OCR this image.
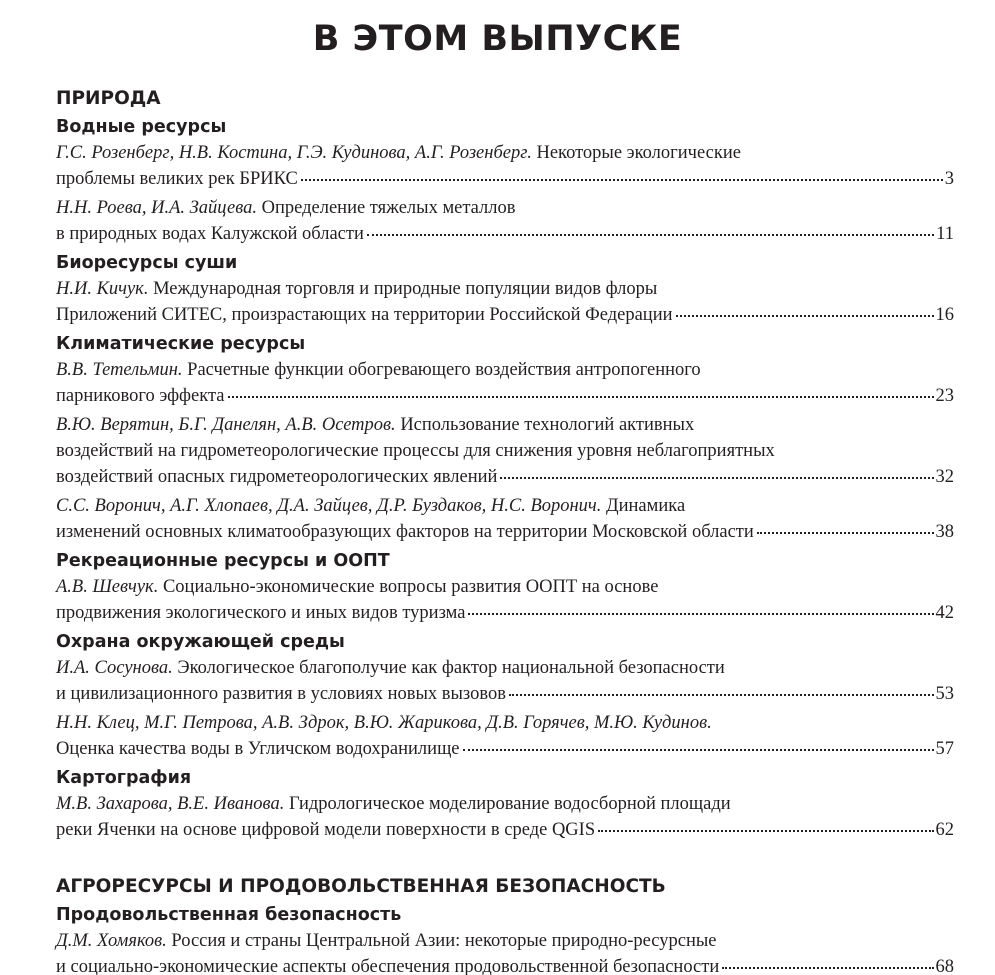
В ЭТОМ ВЫПУСКЕ
ПРИРОДА
Водные ресурсы
Г.С. Розенберг, Н.В. Костина, Г.Э. Кудинова, А.Г. Розенберг. Некоторые экологические
проблемы великих рек БРИКС	3
Н.Н. Роева, И.А. Зайцева. Определение тяжелых металлов
в природных водах Калужской области	11
Биоресурсы суши
Н.И. Кичук. Международная торговля и природные популяции видов флоры
Приложений СИТЕС, произрастающих на территории Российской Федерации	16
Климатические ресурсы
В.В. Тетельмин. Расчетные функции обогревающего воздействия антропогенного
парникового эффекта	23
В.Ю. Верятин, Б.Г. Данелян, А.В. Осетров. Использование технологий активных
воздействий на гидрометеорологические процессы для снижения уровня неблагоприятных
воздействий опасных гидрометеорологических явлений	32
С.С. Воронич, А.Г. Хлопаев, Д.А. Зайцев, Д.Р. Буздаков, Н.С. Воронич. Динамика
изменений основных климатообразующих факторов на территории Московской области	38
Рекреационные ресурсы и ООПТ
А.В. Шевчук. Социально-экономические вопросы развития ООПТ на основе
продвижения экологического и иных видов туризма	42
Охрана окружающей среды
И.А. Сосунова. Экологическое благополучие как фактор национальной безопасности
и цивилизационного развития в условиях новых вызовов	53
Н.Н. Клец, М.Г. Петрова, А.В. Здрок, В.Ю. Жарикова, Д.В. Горячев, М.Ю. Кудинов.
Оценка качества воды в Угличском водохранилище	57
Картография
М.В. Захарова, В.Е. Иванова. Гидрологическое моделирование водосборной площади
реки Яченки на основе цифровой модели поверхности в среде QGIS	62
АГРОРЕСУРСЫ И ПРОДОВОЛЬСТВЕННАЯ БЕЗОПАСНОСТЬ
Продовольственная безопасность
Д.М. Хомяков. Россия и страны Центральной Азии: некоторые природно-ресурсные
и социально-экономические аспекты обеспечения продовольственной безопасности	68
